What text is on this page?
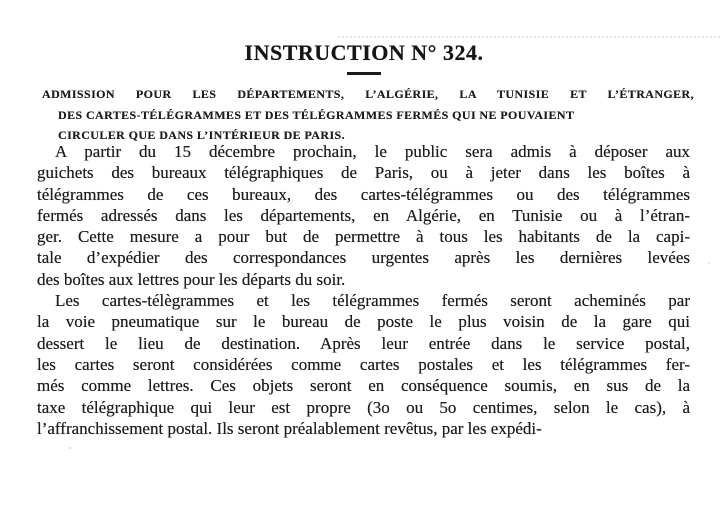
INSTRUCTION N° 324.
ADMISSION POUR LES DÉPARTEMENTS, L’ALGÉRIE, LA TUNISIE ET L’ÉTRANGER,
DES CARTES-TÉLÉGRAMMES ET DES TÉLÉGRAMMES FERMÉS QUI NE POUVAIENT
CIRCULER QUE DANS L’INTÉRIEUR DE PARIS.
A partir du 15 décembre prochain, le public sera admis à déposer aux
guichets des bureaux télégraphiques de Paris, ou à jeter dans les boîtes à
télégrammes de ces bureaux, des cartes-télégrammes ou des télégrammes
fermés adressés dans les départements, en Algérie, en Tunisie ou à l’étran-
ger. Cette mesure a pour but de permettre à tous les habitants de la capi-
tale d’expédier des correspondances urgentes après les dernières levées
des boîtes aux lettres pour les départs du soir.
Les cartes-télègrammes et les télégrammes fermés seront acheminés par
la voie pneumatique sur le bureau de poste le plus voisin de la gare qui
dessert le lieu de destination. Après leur entrée dans le service postal,
les cartes seront considérées comme cartes postales et les télégrammes fer-
més comme lettres. Ces objets seront en conséquence soumis, en sus de la
taxe télégraphique qui leur est propre (3o ou 5o centimes, selon le cas), à
l’affranchissement postal. Ils seront préalablement revêtus, par les expédi-
